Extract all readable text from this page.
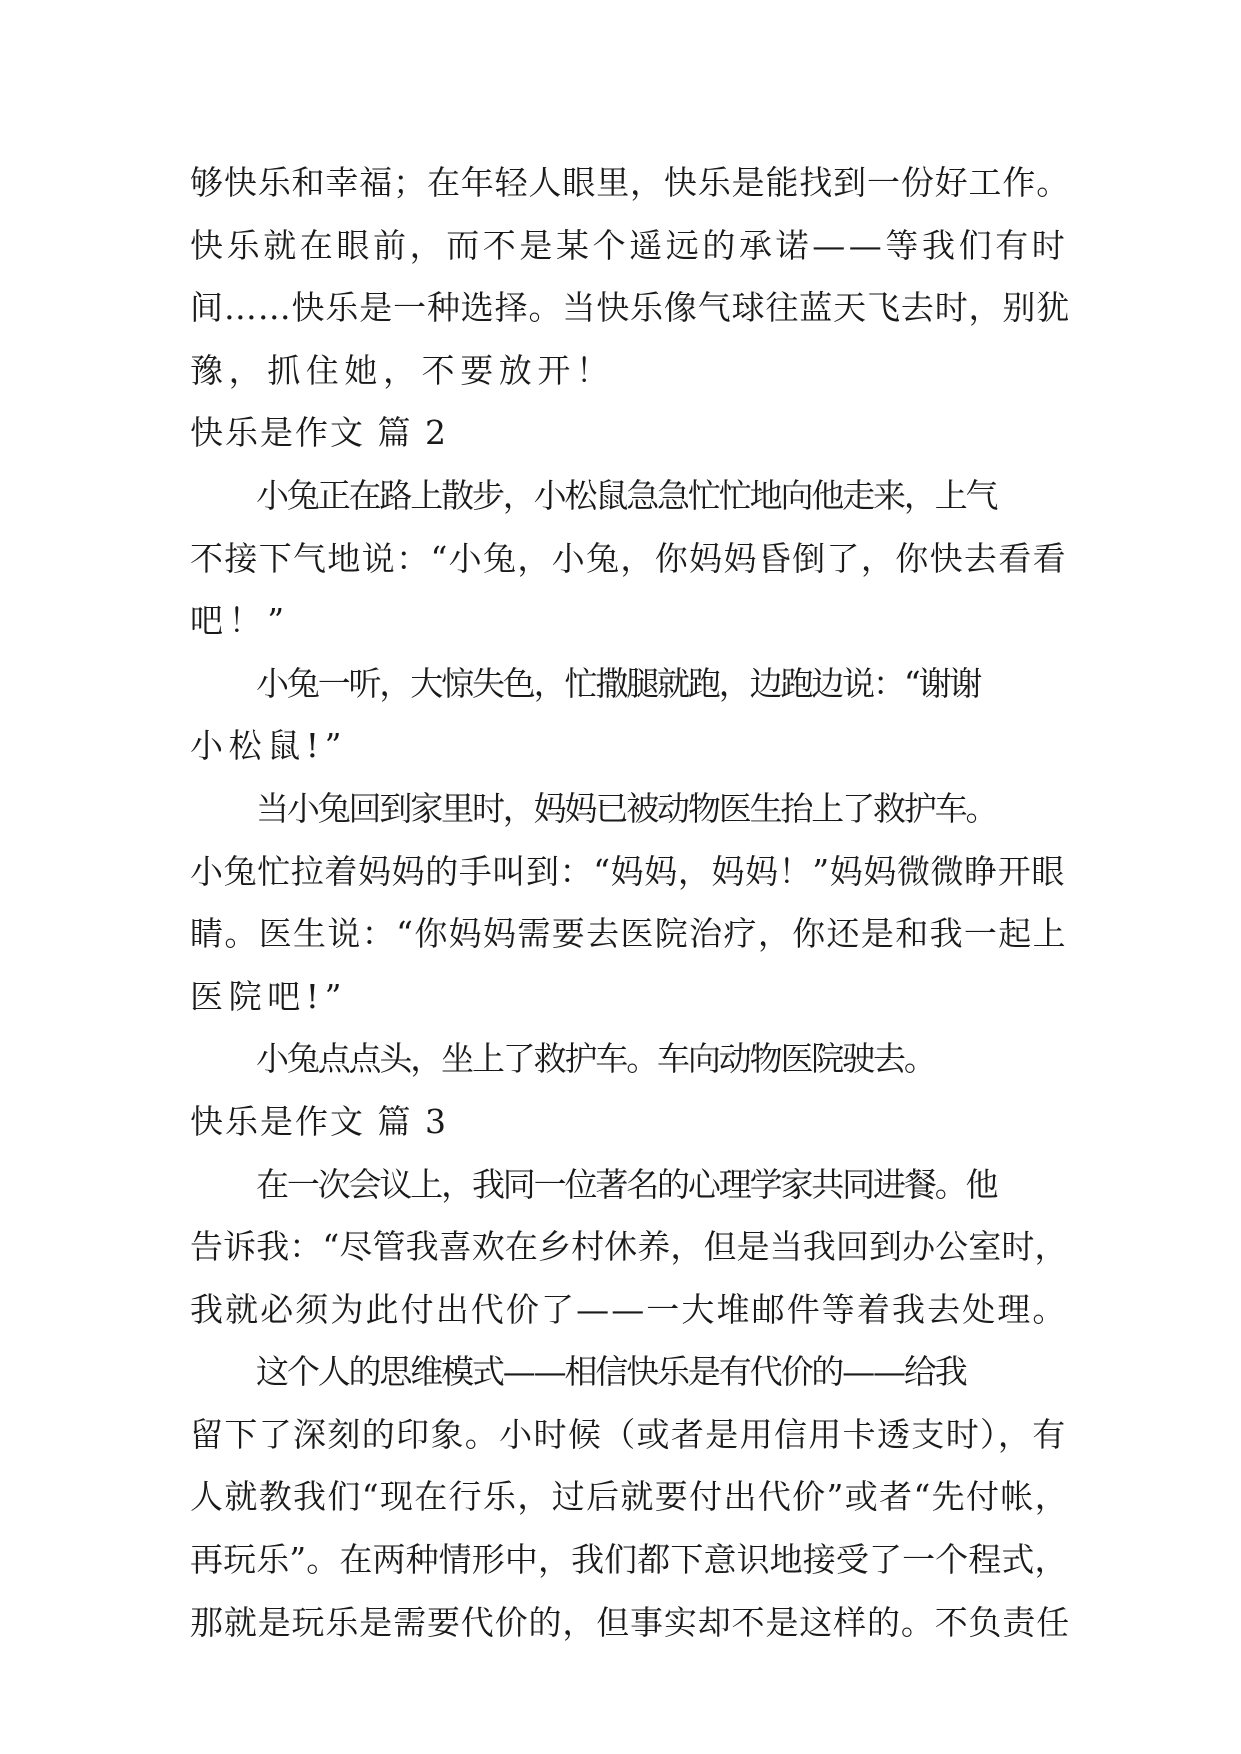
够快乐和幸福；在年轻人眼里，快乐是能找到一份好工作。
快乐就在眼前，而不是某个遥远的承诺——等我们有时
间……快乐是一种选择。当快乐像气球往蓝天飞去时，别犹
豫，抓住她，不要放开！
快乐是作文 篇 2
小兔正在路上散步，小松鼠急急忙忙地向他走来，上气
不接下气地说：“小兔，小兔，你妈妈昏倒了，你快去看看
吧！”
小兔一听，大惊失色，忙撒腿就跑，边跑边说：“谢谢
小松鼠!”
当小兔回到家里时，妈妈已被动物医生抬上了救护车。
小兔忙拉着妈妈的手叫到：“妈妈，妈妈！”妈妈微微睁开眼
睛。医生说：“你妈妈需要去医院治疗，你还是和我一起上
医院吧!”
小兔点点头，坐上了救护车。车向动物医院驶去。
快乐是作文 篇 3
在一次会议上，我同一位著名的心理学家共同进餐。他
告诉我：“尽管我喜欢在乡村休养，但是当我回到办公室时，
我就必须为此付出代价了——一大堆邮件等着我去处理。
这个人的思维模式——相信快乐是有代价的——给我
留下了深刻的印象。小时候（或者是用信用卡透支时），有
人就教我们“现在行乐，过后就要付出代价”或者“先付帐，
再玩乐”。在两种情形中，我们都下意识地接受了一个程式，
那就是玩乐是需要代价的，但事实却不是这样的。不负责任
